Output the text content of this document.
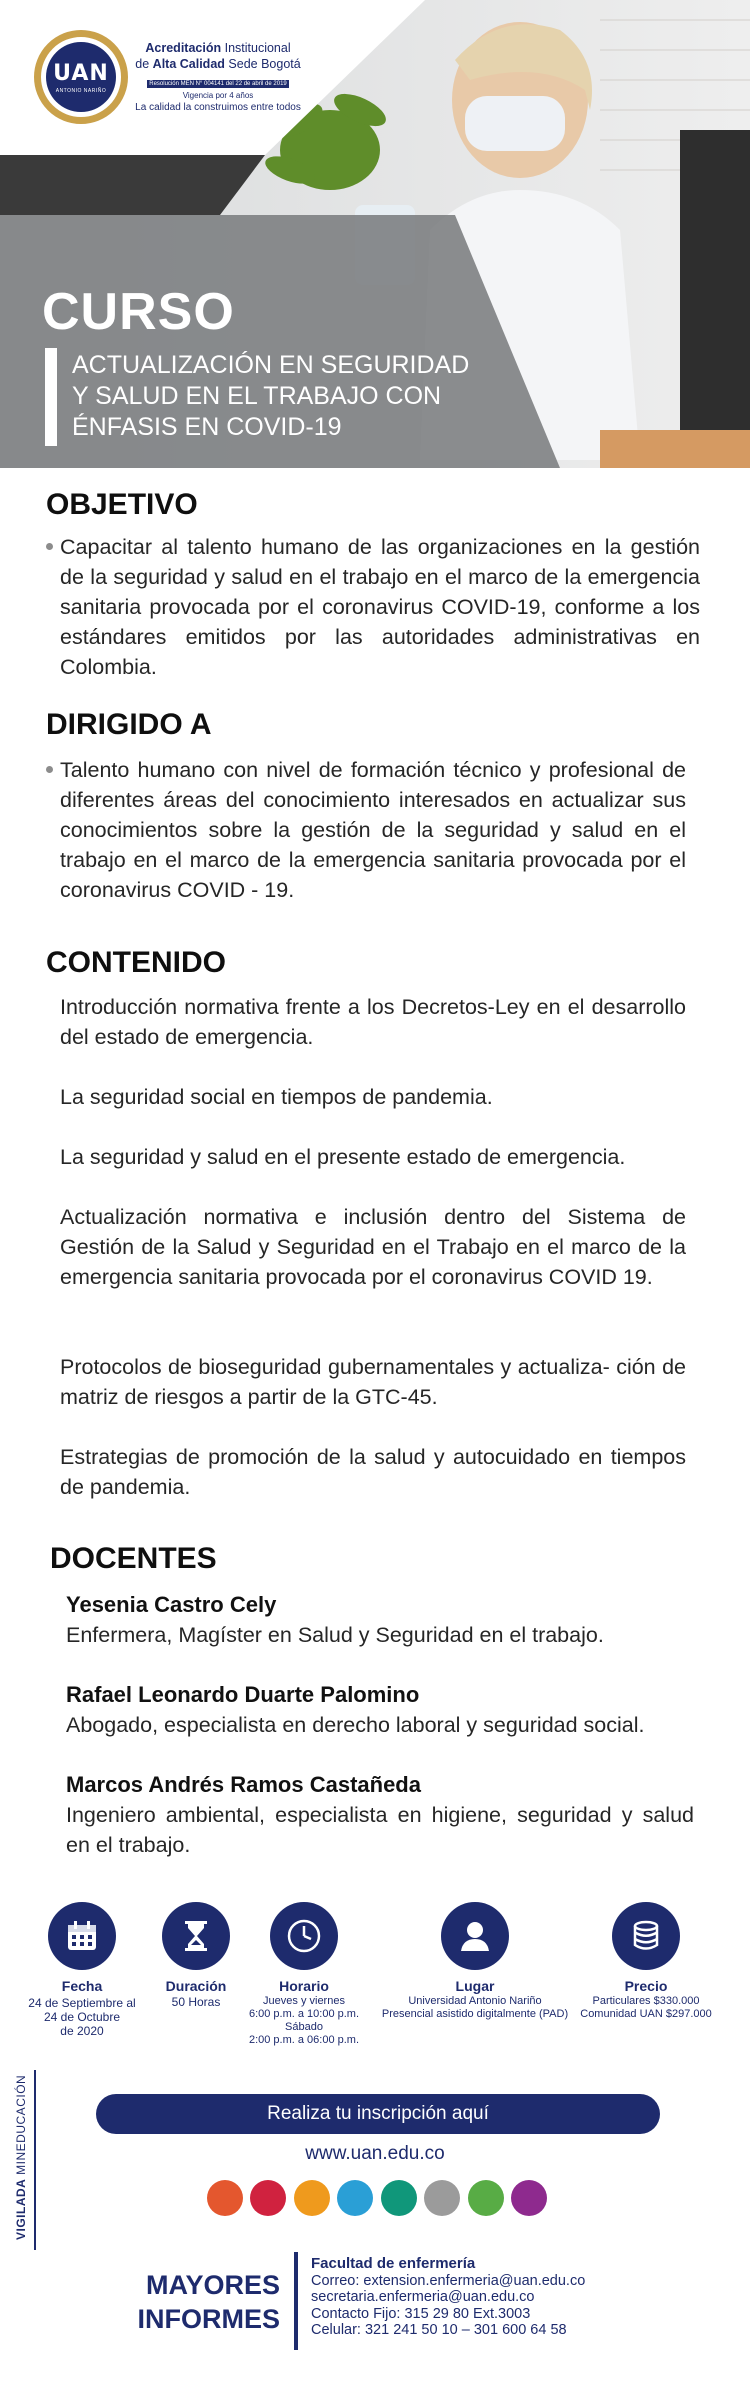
UAN
ANTONIO NARIÑO
Acreditación Institucional
de Alta Calidad Sede Bogotá
Resolución MEN N° 004141 del 22 de abril de 2019
Vigencia por 4 años
La calidad la construimos entre todos
CURSO
ACTUALIZACIÓN EN SEGURIDAD
Y SALUD EN EL TRABAJO CON
ÉNFASIS EN COVID-19
OBJETIVO
Capacitar al talento humano de las organizaciones en la gestión de la seguridad y salud en el trabajo en el marco de la emergencia sanitaria provocada por el coronavirus COVID-19, conforme a los estándares emitidos por las autoridades administrativas en Colombia.
DIRIGIDO A
Talento humano con nivel de formación técnico y profesional de diferentes áreas del conocimiento interesados en actualizar sus conocimientos sobre la gestión de la seguridad y salud en el trabajo en el marco de la emergencia sanitaria provocada por el coronavirus COVID - 19.
CONTENIDO
Introducción normativa frente a los Decretos-Ley en el desarrollo del estado de emergencia.
La seguridad social en tiempos de pandemia.
La seguridad y salud en el presente estado de emergencia.
Actualización normativa e inclusión dentro del Sistema de Gestión de la Salud y Seguridad en el Trabajo en el marco de la emergencia sanitaria provocada por el coronavirus COVID 19.
Protocolos de bioseguridad gubernamentales y actualiza- ción de matriz de riesgos a partir de la GTC-45.
Estrategias de promoción de la salud y autocuidado en tiempos de pandemia.
DOCENTES
Yesenia Castro Cely
Enfermera, Magíster en Salud y Seguridad en el trabajo.
Rafael Leonardo Duarte Palomino
Abogado, especialista en derecho laboral y seguridad social.
Marcos Andrés Ramos Castañeda
Ingeniero ambiental, especialista en higiene, seguridad y salud en el trabajo.
Fecha
24 de Septiembre al
24 de Octubre
de 2020
Duración
50 Horas
Horario
Jueves y viernes
6:00 p.m. a 10:00 p.m.
Sábado
2:00 p.m. a 06:00 p.m.
Lugar
Universidad Antonio Nariño
Presencial asistido digitalmente (PAD)
Precio
Particulares $330.000
Comunidad UAN $297.000
VIGILADA MINEDUCACIÓN	Realiza tu inscripción aquí
www.uan.edu.co
MAYORES
INFORMES
Facultad de enfermería
Correo: extension.enfermeria@uan.edu.co
secretaria.enfermeria@uan.edu.co
Contacto Fijo: 315 29 80 Ext.3003
Celular: 321 241 50 10 – 301 600 64 58
